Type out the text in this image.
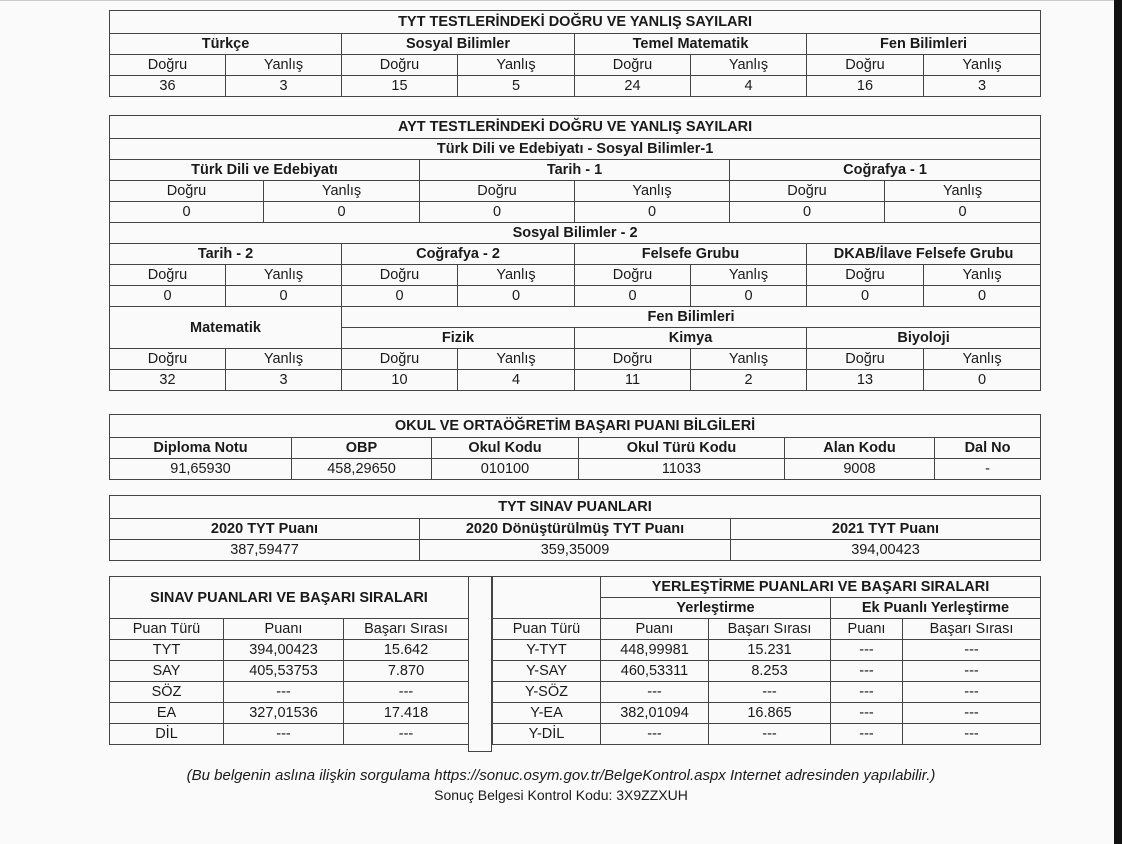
TYT TESTLERİNDEKİ DOĞRU VE YANLIŞ SAYILARI							
Türkçe		Sosyal Bilimler		Temel Matematik		Fen Bilimleri	
Doğru	Yanlış	Doğru	Yanlış	Doğru	Yanlış	Doğru	Yanlış
36	3	15	5	24	4	16	3
AYT TESTLERİNDEKİ DOĞRU VE YANLIŞ SAYILARI											
Türk Dili ve Edebiyatı - Sosyal Bilimler-1											
Türk Dili ve Edebiyatı				Tarih - 1				Coğrafya - 1			
Doğru		Yanlış		Doğru		Yanlış		Doğru		Yanlış	
0		0		0		0		0		0	
Sosyal Bilimler - 2											
Tarih - 2			Coğrafya - 2			Felsefe Grubu			DKAB/İlave Felsefe Grubu		
Doğru	Yanlış		Doğru		Yanlış	Doğru	Yanlış		Doğru		Yanlış
0	0		0		0	0	0		0		0
Matematik			Fen Bilimleri								
			Fizik			Kimya			Biyoloji		
Doğru	Yanlış		Doğru		Yanlış	Doğru	Yanlış		Doğru		Yanlış
32	3		10		4	11	2		13		0
OKUL VE ORTAÖĞRETİM BAŞARI PUANI BİLGİLERİ					
Diploma Notu	OBP	Okul Kodu	Okul Türü Kodu	Alan Kodu	Dal No
91,65930	458,29650	010100	11033	9008	-
TYT SINAV PUANLARI		
2020 TYT Puanı	2020 Dönüştürülmüş TYT Puanı	2021 TYT Puanı
387,59477	359,35009	394,00423
SINAV PUANLARI VE BAŞARI SIRALARI		
Puan Türü	Puanı	Başarı Sırası
TYT	394,00423	15.642
SAY	405,53753	7.870
SÖZ	---	---
EA	327,01536	17.418
DİL	---	---
	YERLEŞTİRME PUANLARI VE BAŞARI SIRALARI			
	Yerleştirme		Ek Puanlı Yerleştirme	
Puan Türü	Puanı	Başarı Sırası	Puanı	Başarı Sırası
Y-TYT	448,99981	15.231	---	---
Y-SAY	460,53311	8.253	---	---
Y-SÖZ	---	---	---	---
Y-EA	382,01094	16.865	---	---
Y-DİL	---	---	---	---
(Bu belgenin aslına ilişkin sorgulama https://sonuc.osym.gov.tr/BelgeKontrol.aspx Internet adresinden yapılabilir.)
Sonuç Belgesi Kontrol Kodu: 3X9ZZXUH
